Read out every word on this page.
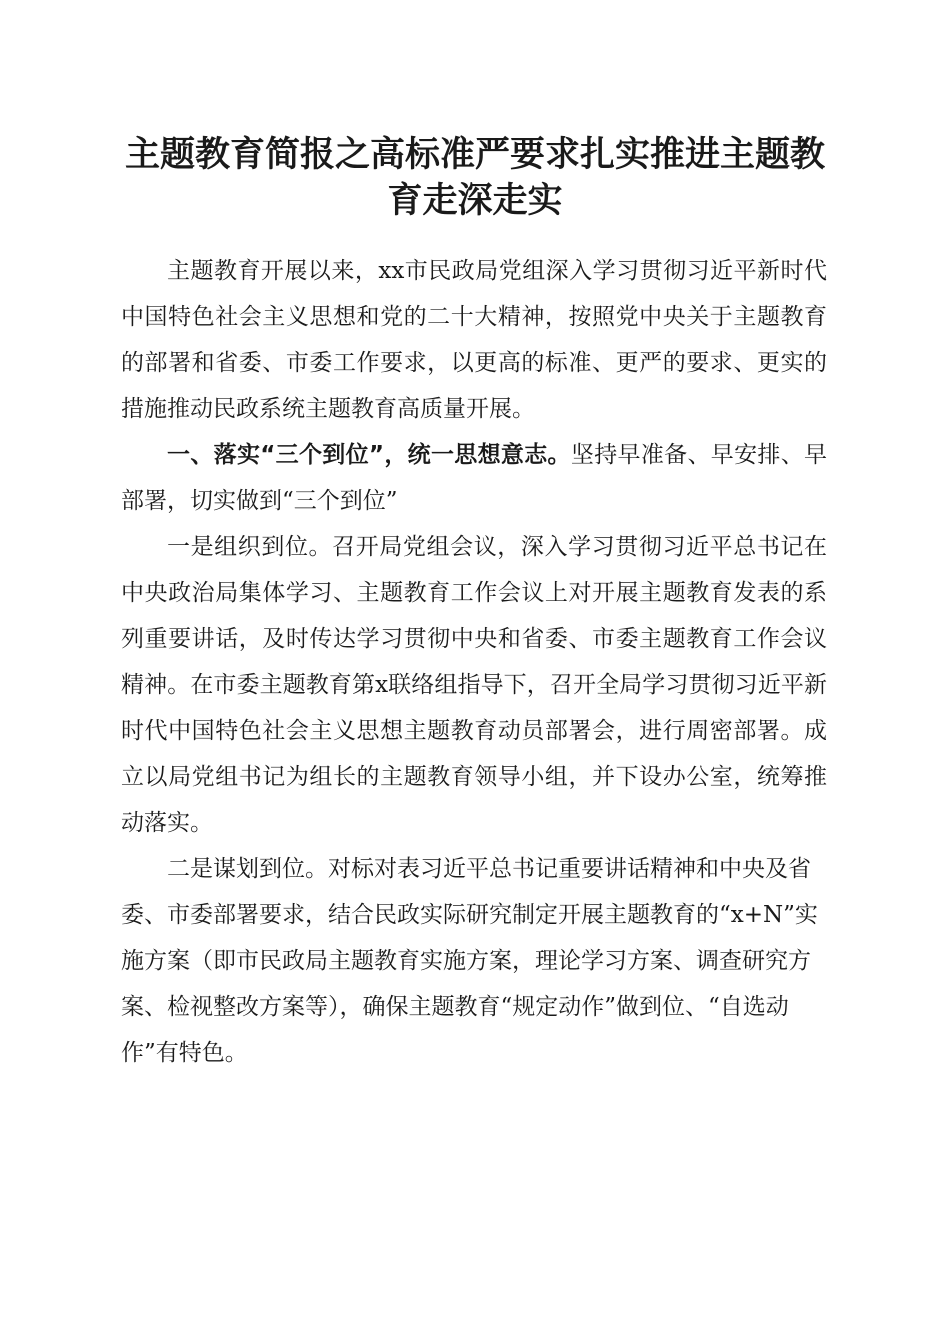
主题教育简报之高标准严要求扎实推进主题教育走深走实

主题教育开展以来，xx市民政局党组深入学习贯彻习近平新时代中国特色社会主义思想和党的二十大精神，按照党中央关于主题教育的部署和省委、市委工作要求，以更高的标准、更严的要求、更实的措施推动民政系统主题教育高质量开展。

一、落实“三个到位”，统一思想意志。坚持早准备、早安排、早部署，切实做到“三个到位”

一是组织到位。召开局党组会议，深入学习贯彻习近平总书记在中央政治局集体学习、主题教育工作会议上对开展主题教育发表的系列重要讲话，及时传达学习贯彻中央和省委、市委主题教育工作会议精神。在市委主题教育第x联络组指导下，召开全局学习贯彻习近平新时代中国特色社会主义思想主题教育动员部署会，进行周密部署。成立以局党组书记为组长的主题教育领导小组，并下设办公室，统筹推动落实。

二是谋划到位。对标对表习近平总书记重要讲话精神和中央及省委、市委部署要求，结合民政实际研究制定开展主题教育的“x+N”实施方案（即市民政局主题教育实施方案，理论学习方案、调查研究方案、检视整改方案等），确保主题教育“规定动作”做到位、“自选动作”有特色。
